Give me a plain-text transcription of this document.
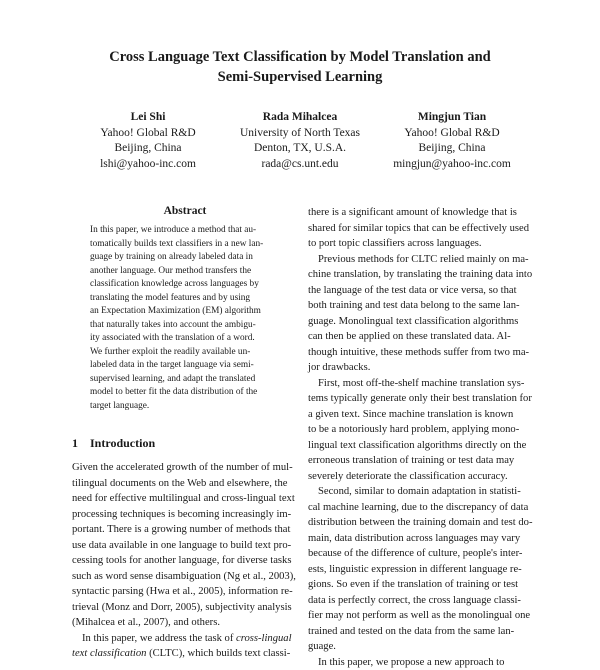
Cross Language Text Classification by Model Translation and
Semi-Supervised Learning
Lei Shi
Yahoo! Global R&D
Beijing, China
lshi@yahoo-inc.com
Rada Mihalcea
University of North Texas
Denton, TX, U.S.A.
rada@cs.unt.edu
Mingjun Tian
Yahoo! Global R&D
Beijing, China
mingjun@yahoo-inc.com
Abstract
In this paper, we introduce a method that au-
tomatically builds text classifiers in a new lan-
guage by training on already labeled data in
another language. Our method transfers the
classification knowledge across languages by
translating the model features and by using
an Expectation Maximization (EM) algorithm
that naturally takes into account the ambigu-
ity associated with the translation of a word.
We further exploit the readily available un-
labeled data in the target language via semi-
supervised learning, and adapt the translated
model to better fit the data distribution of the
target language.
1 Introduction
Given the accelerated growth of the number of mul-
tilingual documents on the Web and elsewhere, the
need for effective multilingual and cross-lingual text
processing techniques is becoming increasingly im-
portant. There is a growing number of methods that
use data available in one language to build text pro-
cessing tools for another language, for diverse tasks
such as word sense disambiguation (Ng et al., 2003),
syntactic parsing (Hwa et al., 2005), information re-
trieval (Monz and Dorr, 2005), subjectivity analysis
(Mihalcea et al., 2007), and others.
In this paper, we address the task of cross-lingual
text classification (CLTC), which builds text classi-
there is a significant amount of knowledge that is
shared for similar topics that can be effectively used
to port topic classifiers across languages.
Previous methods for CLTC relied mainly on ma-
chine translation, by translating the training data into
the language of the test data or vice versa, so that
both training and test data belong to the same lan-
guage. Monolingual text classification algorithms
can then be applied on these translated data. Al-
though intuitive, these methods suffer from two ma-
jor drawbacks.
First, most off-the-shelf machine translation sys-
tems typically generate only their best translation for
a given text. Since machine translation is known
to be a notoriously hard problem, applying mono-
lingual text classification algorithms directly on the
erroneous translation of training or test data may
severely deteriorate the classification accuracy.
Second, similar to domain adaptation in statisti-
cal machine learning, due to the discrepancy of data
distribution between the training domain and test do-
main, data distribution across languages may vary
because of the difference of culture, people's inter-
ests, linguistic expression in different language re-
gions. So even if the translation of training or test
data is perfectly correct, the cross language classi-
fier may not perform as well as the monolingual one
trained and tested on the data from the same lan-
guage.
In this paper, we propose a new approach to
